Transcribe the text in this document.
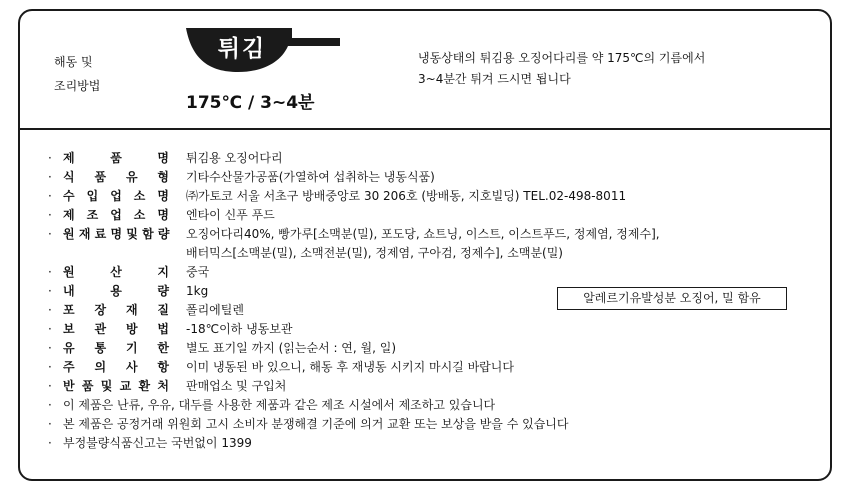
해동 및
조리방법
튀김
175℃ / 3~4분
냉동상태의 튀김용 오징어다리를 약 175℃의 기름에서
3~4분간 튀겨 드시면 됩니다
· 제	품	명 튀김용 오징어다리
· 식 품 유 형 기타수산물가공품(가열하여 섭취하는 냉동식품)
· 수 입 업 소 명 ㈜가토코 서울 서초구 방배중앙로 30 206호 (방배동, 지호빌딩) TEL.02-498-8011
· 제 조 업 소 명 엔타이 신푸 푸드
· 원 재 료 명 및 함 량 오징어다리40%, 빵가루[소맥분(밀), 포도당, 쇼트닝, 이스트, 이스트푸드, 정제염, 정제수],
배터믹스[소맥분(밀), 소맥전분(밀), 정제염, 구아검, 정제수], 소맥분(밀)
· 원	산	지 중국
· 내	용	량 1kg
· 포 장 재 질 폴리에틸렌
· 보 관 방 법 -18℃이하 냉동보관
· 유 통 기 한 별도 표기일 까지 (읽는순서 : 연, 월, 일)
· 주 의 사 항 이미 냉동된 바 있으니, 해동 후 재냉동 시키지 마시길 바랍니다
· 반 품 및 교 환 처 판매업소 및 구입처
· 이 제품은 난류, 우유, 대두를 사용한 제품과 같은 제조 시설에서 제조하고 있습니다
· 본 제품은 공정거래 위원회 고시 소비자 분쟁해결 기준에 의거 교환 또는 보상을 받을 수 있습니다
· 부정불량식품신고는 국번없이 1399
알레르기유발성분 오징어, 밀 함유
